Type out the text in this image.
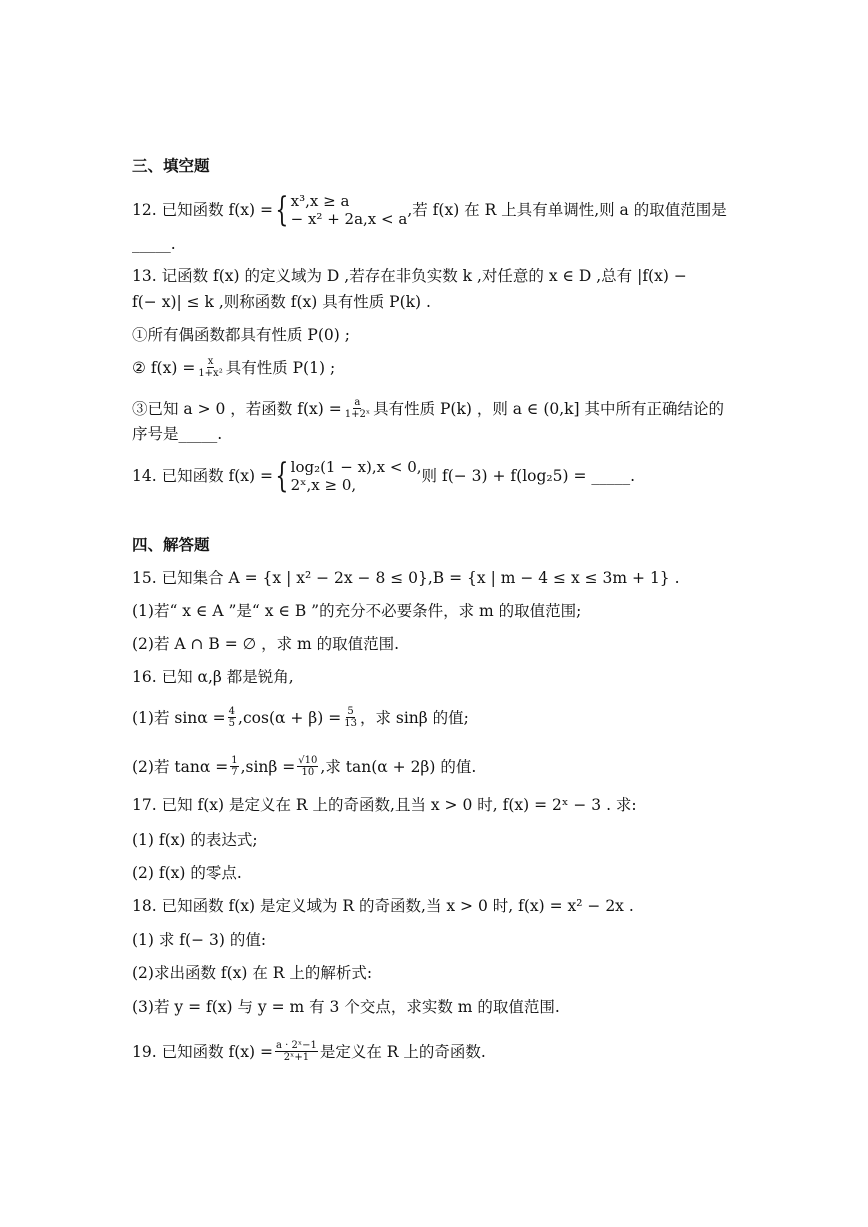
三、填空题
12. 已知函数 f(x) = { x³,x ≥ a
− x² + 2a,x < a ,若 f(x) 在 R 上具有单调性,则 a 的取值范围是
_____.
13. 记函数 f(x) 的定义域为 D ,若存在非负实数 k ,对任意的 x ∈ D ,总有 |f(x) −
f(− x)| ≤ k ,则称函数 f(x) 具有性质 P(k) .
①所有偶函数都具有性质 P(0) ;
② $f(x) = \frac{x}{\text{1+x²}}$ 具有性质 P(1) ;
③已知 a > 0 ，若函数 $f(x) = \frac{a}{\text{1+2ˣ}}$ 具有性质 P(k) ，则 a ∈ (0,k] 其中所有正确结论的
序号是_____.
14. 已知函数 f(x) = { log₂(1 − x),x < 0,
2ˣ,x ≥ 0,	则 f(− 3) + f(log₂5) = _____.
四、解答题
15. 已知集合 A = {x | x² − 2x − 8 ≤ 0},B = {x | m − 4 ≤ x ≤ 3m + 1} .
(1)若“ x ∈ A ”是“ x ∈ B ”的充分不必要条件，求 m 的取值范围;
(2)若 A ∩ B = ∅ ，求 m 的取值范围.
16. 已知 α,β 都是锐角,
(1)若 $\sin\alpha = \frac{4}{5} ,\cos(\alpha + \beta) = \frac{5}{13}$ ，求 sinβ 的值;
(2)若 $\tan\alpha = \frac{1}{7} ,\sin\beta = \frac{√10}{10}$ ,求 tan(α + 2β) 的值.
17. 已知 f(x) 是定义在 R 上的奇函数,且当 x > 0 时, f(x) = 2ˣ − 3 . 求:
(1) f(x) 的表达式;
(2) f(x) 的零点.
18. 已知函数 f(x) 是定义域为 R 的奇函数,当 x > 0 时, f(x) = x² − 2x .
(1) 求 f(− 3) 的值:
(2)求出函数 f(x) 在 R 上的解析式:
(3)若 y = f(x) 与 y = m 有 3 个交点，求实数 m 的取值范围.
19. 已知函数 $f(x) = \frac{\text{a · 2ˣ−1}}{\text{2ˣ+1}}$ 是定义在 R 上的奇函数.
